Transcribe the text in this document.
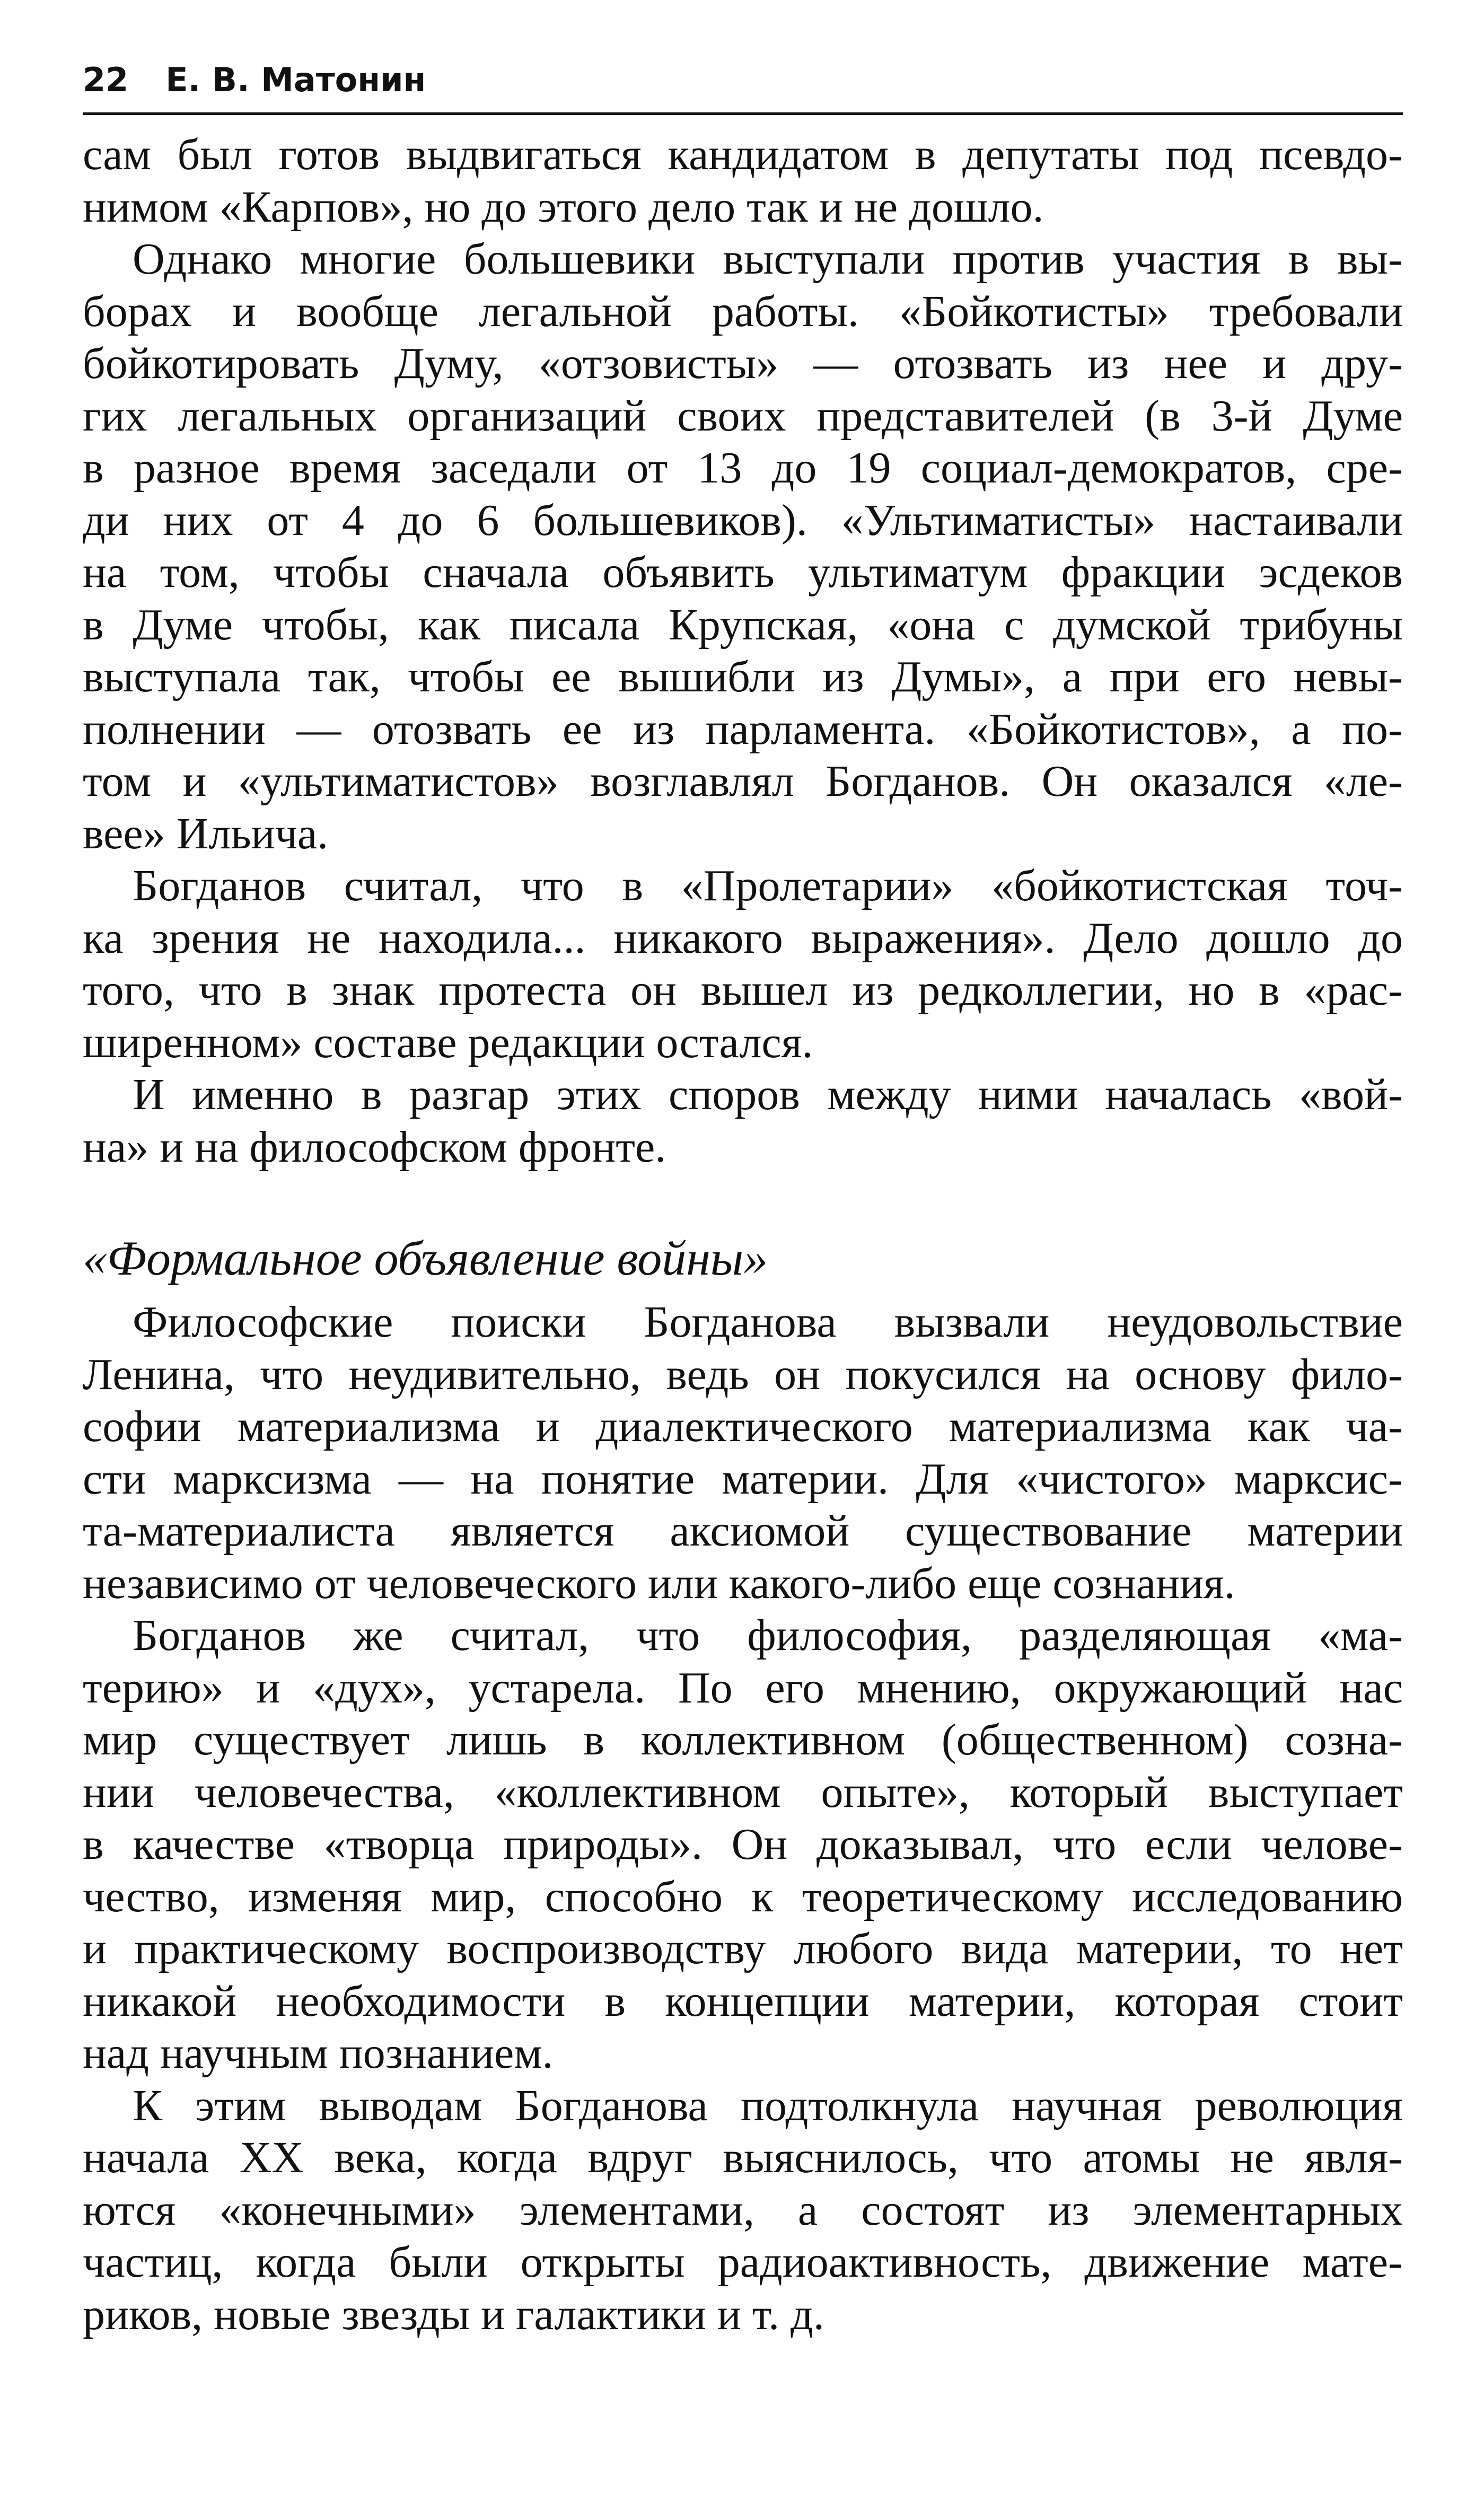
22 Е. В. Матонин
сам был готов выдвигаться кандидатом в депутаты под псевдо-
нимом «Карпов», но до этого дело так и не дошло.
Однако многие большевики выступали против участия в вы-
борах и вообще легальной работы. «Бойкотисты» требовали
бойкотировать Думу, «отзовисты» — отозвать из нее и дру-
гих легальных организаций своих представителей (в 3-й Думе
в разное время заседали от 13 до 19 социал-демократов, сре-
ди них от 4 до 6 большевиков). «Ультиматисты» настаивали
на том, чтобы сначала объявить ультиматум фракции эсдеков
в Думе чтобы, как писала Крупская, «она с думской трибуны
выступала так, чтобы ее вышибли из Думы», а при его невы-
полнении — отозвать ее из парламента. «Бойкотистов», а по-
том и «ультиматистов» возглавлял Богданов. Он оказался «ле-
вее» Ильича.
Богданов считал, что в «Пролетарии» «бойкотистская точ-
ка зрения не находила... никакого выражения». Дело дошло до
того, что в знак протеста он вышел из редколлегии, но в «рас-
ширенном» составе редакции остался.
И именно в разгар этих споров между ними началась «вой-
на» и на философском фронте.
«Формальное объявление войны»
Философские поиски Богданова вызвали неудовольствие
Ленина, что неудивительно, ведь он покусился на основу фило-
софии материализма и диалектического материализма как ча-
сти марксизма — на понятие материи. Для «чистого» марксис-
та-материалиста является аксиомой существование материи
независимо от человеческого или какого-либо еще сознания.
Богданов же считал, что философия, разделяющая «ма-
терию» и «дух», устарела. По его мнению, окружающий нас
мир существует лишь в коллективном (общественном) созна-
нии человечества, «коллективном опыте», который выступает
в качестве «творца природы». Он доказывал, что если челове-
чество, изменяя мир, способно к теоретическому исследованию
и практическому воспроизводству любого вида материи, то нет
никакой необходимости в концепции материи, которая стоит
над научным познанием.
К этим выводам Богданова подтолкнула научная революция
начала XX века, когда вдруг выяснилось, что атомы не явля-
ются «конечными» элементами, а состоят из элементарных
частиц, когда были открыты радиоактивность, движение мате-
риков, новые звезды и галактики и т. д.
